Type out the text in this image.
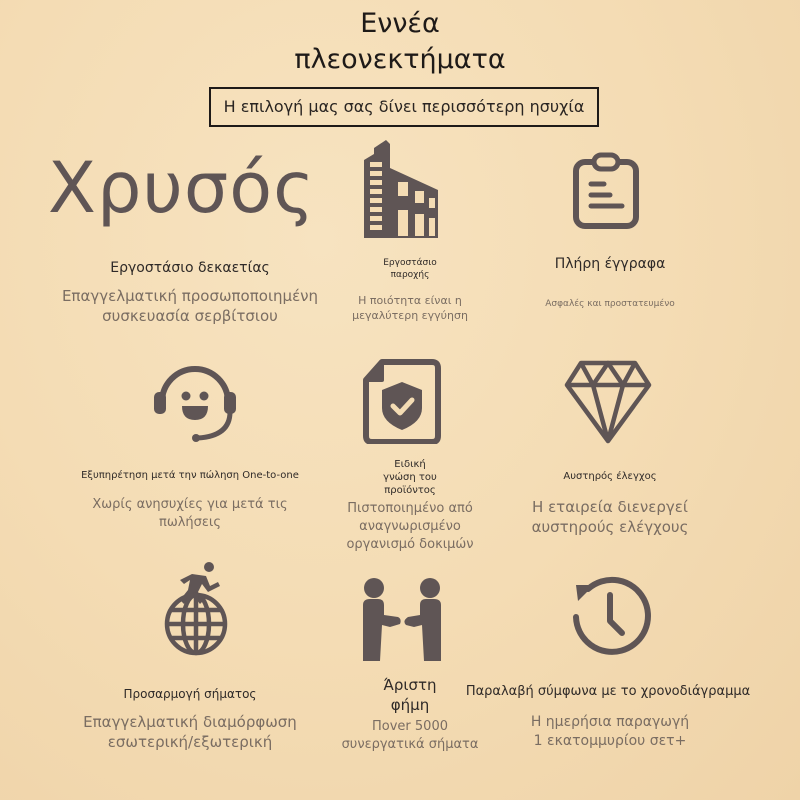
Εννέα
πλεονεκτήματα
Η επιλογή μας σας δίνει περισσότερη ησυχία
Χρυσός
Εργοστάσιο δεκαετίας
Επαγγελματική προσωποποιημένη
συσκευασία σερβίτσιου
Εργοστάσιο
παροχής
Η ποιότητα είναι η
μεγαλύτερη εγγύηση
Πλήρη έγγραφα
Ασφαλές και προστατευμένο
Εξυπηρέτηση μετά την πώληση One-to-one
Χωρίς ανησυχίες για μετά τις
πωλήσεις
Ειδική
γνώση του
προϊόντος
Πιστοποιημένο από
αναγνωρισμένο
οργανισμό δοκιμών
Αυστηρός έλεγχος
Η εταιρεία διενεργεί
αυστηρούς ελέγχους
Προσαρμογή σήματος
Επαγγελματική διαμόρφωση
εσωτερική/εξωτερική
Άριστη
φήμη
Πover 5000
συνεργατικά σήματα
Παραλαβή σύμφωνα με το χρονοδιάγραμμα
Η ημερήσια παραγωγή
1 εκατομμυρίου σετ+
